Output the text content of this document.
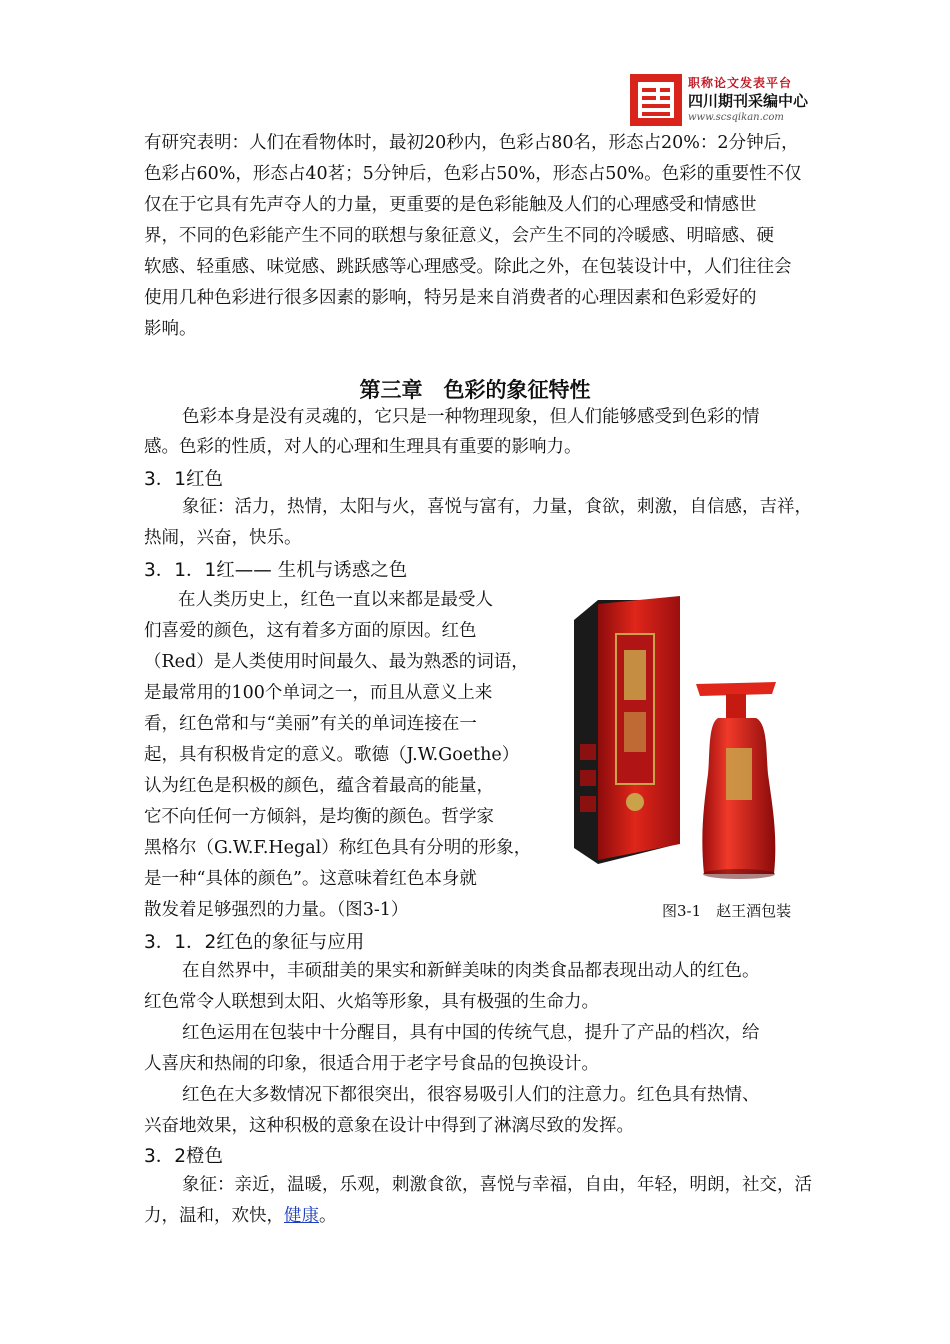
职称论文发表平台
四川期刊采编中心
www.scsqikan.com
有研究表明：人们在看物体时，最初20秒内，色彩占80名，形态占20%：2分钟后，
色彩占60%，形态占40茗；5分钟后，色彩占50%，形态占50%。色彩的重要性不仅
仅在于它具有先声夺人的力量，更重要的是色彩能触及人们的心理感受和情感世
界，不同的色彩能产生不同的联想与象征意义，会产生不同的冷暖感、明暗感、硬
软感、轻重感、味觉感、跳跃感等心理感受。除此之外，在包装设计中，人们往往会
使用几种色彩进行很多因素的影响，特另是来自消费者的心理因素和色彩爱好的
影响。
第三章　色彩的象征特性
色彩本身是没有灵魂的，它只是一种物理现象，但人们能够感受到色彩的情
感。色彩的性质，对人的心理和生理具有重要的影响力。
3．1红色
象征：活力，热情，太阳与火，喜悦与富有，力量，食欲，刺激，自信感，吉祥，
热闹，兴奋，快乐。
3．1．1红—— 生机与诱惑之色
在人类历史上，红色一直以来都是最受人
们喜爱的颜色，这有着多方面的原因。红色
（Red）是人类使用时间最久、最为熟悉的词语，
是最常用的100个单词之一，而且从意义上来
看，红色常和与“美丽”有关的单词连接在一
起，具有积极肯定的意义。歌德（J.W.Goethe）
认为红色是积极的颜色，蕴含着最高的能量，
它不向任何一方倾斜，是均衡的颜色。哲学家
黑格尔（G.W.F.Hegal）称红色具有分明的形象，
是一种“具体的颜色”。这意味着红色本身就
散发着足够强烈的力量。（图3-1）	图3-1　赵王酒包装
3．1．2红色的象征与应用
在自然界中，丰硕甜美的果实和新鲜美味的肉类食品都表现出动人的红色。
红色常令人联想到太阳、火焰等形象，具有极强的生命力。
红色运用在包装中十分醒目，具有中国的传统气息，提升了产品的档次，给
人喜庆和热闹的印象，很适合用于老字号食品的包换设计。
红色在大多数情况下都很突出，很容易吸引人们的注意力。红色具有热情、
兴奋地效果，这种积极的意象在设计中得到了淋漓尽致的发挥。
3．2橙色
象征：亲近，温暖，乐观，刺激食欲，喜悦与幸福，自由，年轻，明朗，社交，活
力，温和，欢快，健康。
